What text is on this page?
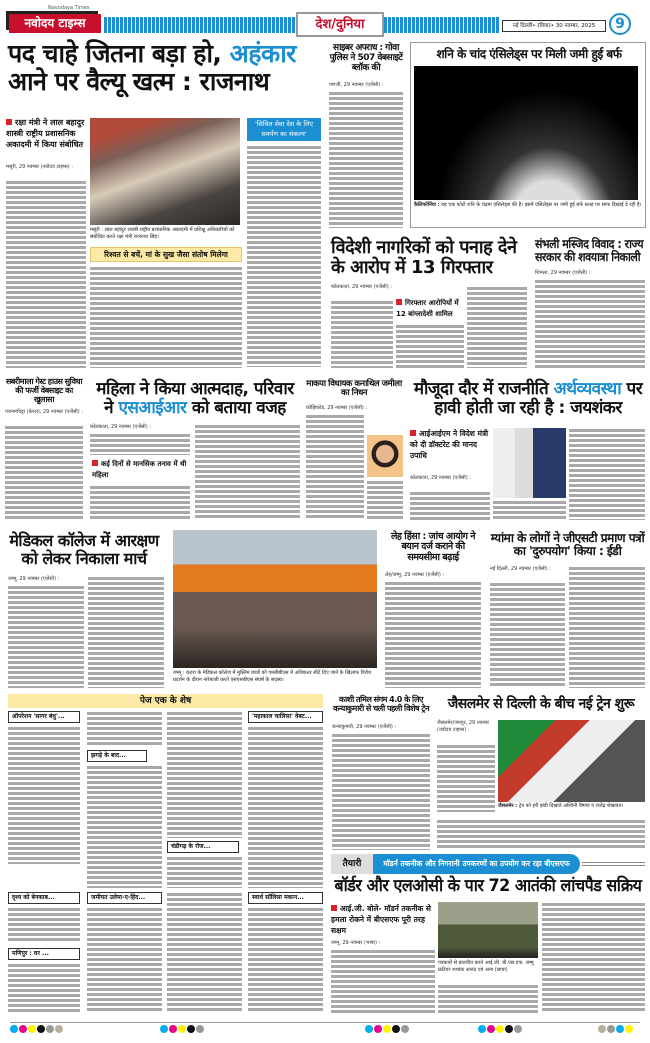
Navodaya Times
नवोदय टाइम्स	देश/दुनिया	नई दिल्ली• रविवार• 30 नवम्बर, 2025	9
पद चाहे जितना बड़ा हो, अहंकार
आने पर वैल्यू खत्म : राजनाथ
रक्षा मंत्री ने लाल बहादुर शास्त्री राष्ट्रीय प्रशासनिक अकादमी में किया संबोधित
मसूरी, 29 नवम्बर (नवोदय टाइम्स) :
मसूरी : लाल बहादुर शास्त्री राष्ट्रीय प्रशासनिक अकादमी में प्रशिक्षु अधिकारियों को संबोधित करते रक्षा मंत्री राजनाथ सिंह।
'सिविल सेवा देश के लिए समर्पण का संकल्प'
रिश्वत से बचें, मां के सुख जैसा संतोष मिलेगा
साइबर अपराध : गोवा पुलिस ने 507 वेबसाइटें ब्लॉक की
पणजी, 29 नवम्बर (एजेंसी) :
शनि के चांद एंसिलेड्स पर मिली जमी हुई बर्फ
कैलिफोर्निया : यह एक फोटो शनि के चंद्रमा एंसिलेड्स की है। इसमें एंसिलेड्स पर जमी हुई बर्फ सतह पर साफ दिखाई दे रही है।
विदेशी नागरिकों को पनाह देने के आरोप में 13 गिरफ्तार
कोलकाता, 29 नवम्बर (एजेंसी) :
गिरफ्तार आरोपियों में 12 बांग्लादेशी शामिल
संभली मस्जिद विवाद : राज्य सरकार की शवयात्रा निकाली
शिमला, 29 नवम्बर (एजेंसी) :
सबरीमाला गेस्ट हाउस सुविधा की फर्जी वेबसाइट का खुलासा
पथनमथिट्टा (केरल), 29 नवम्बर (एजेंसी) :
महिला ने किया आत्मदाह, परिवार ने एसआईआर को बताया वजह
कोलकाता, 29 नवम्बर (एजेंसी) :
कई दिनों से मानसिक तनाव में थी महिला
माकपा विधायक कनाथिल जमीला का निधन
कोझिकोड, 29 नवम्बर (एजेंसी) :
मौजूदा दौर में राजनीति अर्थव्यवस्था पर हावी होती जा रही है : जयशंकर
आईआईएम ने विदेश मंत्री को दी डॉक्टरेट की मानद उपाधि
कोलकाता, 29 नवम्बर (एजेंसी) :
मेडिकल कॉलेज में आरक्षण को लेकर निकाला मार्च
जम्मू, 29 नवम्बर (एजेंसी) :
जम्मू : कटरा के मेडिकल कॉलेज में मुस्लिम छात्रों को एमबीबीएस में अधिकतर सीटें दिए जाने के खिलाफ विरोध प्रदर्शन के दौरान नारेबाजी करते एसएसबीएस संघर्ष के सदस्य।
लेह हिंसा : जांच आयोग ने बयान दर्ज कराने की समयसीमा बढ़ाई
लेह/जम्मू, 29 नवम्बर (एजेंसी) :
म्यांमा के लोगों ने जीएसटी प्रमाण पत्रों का 'दुरुपयोग' किया : ईडी
नई दिल्ली, 29 नवम्बर (एजेंसी) :
पेज एक के शेष
ऑपरेशन 'सागर बंधु'...
झगड़े के बाद...
चंडीगढ़ के रोज...
'महाकाल चालिसा' वेबट...
दृश्य को बेनकाब...	जमीयत उलेमा-ए-हिंद...
मणिपुर : घर ...
स्वार्थ सॉलिसा मकान...
काशी तमिल संगम 4.0 के लिए कन्याकुमारी से चली पहली विशेष ट्रेन
कन्याकुमारी, 29 नवम्बर (एजेंसी) :
जैसलमेर से दिल्ली के बीच नई ट्रेन शुरू
जैसलमेर/जयपुर, 29 नवम्बर (नवोदय टाइम्स) :
जैसलमेर : ट्रेन को हरी झंडी दिखाते अश्विनी वैष्णव व राजेंद्र शेखावत।
तैयारी	मॉडर्न तकनीक और निगरानी उपकरणों का उपयोग कर रहा बीएसएफ
बॉर्डर और एलओसी के पार 72 आतंकी लांचपैड सक्रिय
आई.जी. बोले- मॉडर्न तकनीक से हमला रोकने में बीएसएफ पूरी तरह सक्षम
जम्मू, 29 नवम्बर (भाषा) :
पत्रकारों से बातचीत करते आई.जी. बी.एस.एफ. जम्मू फ्रंटियर शशांक आनंद एवं अन्य (छाया)
